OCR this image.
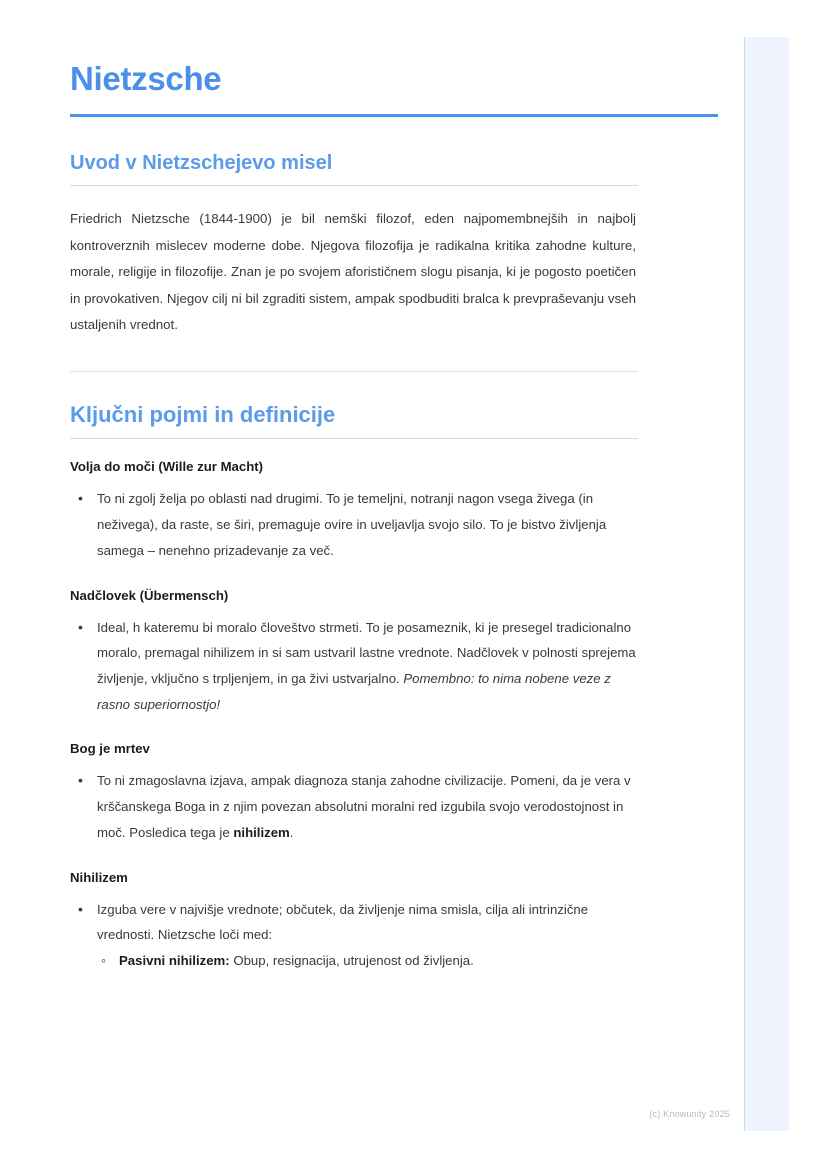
Nietzsche
Uvod v Nietzschejevo misel

Friedrich Nietzsche (1844-1900) je bil nemški filozof, eden najpomembnejših in najbolj kontroverznih mislecev moderne dobe. Njegova filozofija je radikalna kritika zahodne kulture, morale, religije in filozofije. Znan je po svojem aforističnem slogu pisanja, ki je pogosto poetičen in provokativen. Njegov cilj ni bil zgraditi sistem, ampak spodbuditi bralca k prevpraševanju vseh ustaljenih vrednot.

Ključni pojmi in definicije
Volja do moči (Wille zur Macht)
• To ni zgolj želja po oblasti nad drugimi. To je temeljni, notranji nagon vsega živega (in neživega), da raste, se širi, premaguje ovire in uveljavlja svojo silo. To je bistvo življenja samega – nenehno prizadevanje za več.
Nadčlovek (Übermensch)
• Ideal, h kateremu bi moralo človeštvo strmeti. To je posameznik, ki je presegel tradicionalno moralo, premagal nihilizem in si sam ustvaril lastne vrednote. Nadčlovek v polnosti sprejema življenje, vključno s trpljenjem, in ga živi ustvarjalno. Pomembno: to nima nobene veze z rasno superiornostjo!
Bog je mrtev
• To ni zmagoslavna izjava, ampak diagnoza stanja zahodne civilizacije. Pomeni, da je vera v krščanskega Boga in z njim povezan absolutni moralni red izgubila svojo verodostojnost in moč. Posledica tega je nihilizem.
Nihilizem
• Izguba vere v najvišje vrednote; občutek, da življenje nima smisla, cilja ali intrinzične vrednosti. Nietzsche loči med:
◦ Pasivni nihilizem: Obup, resignacija, utrujenost od življenja.
(c) Knowunity 2025
